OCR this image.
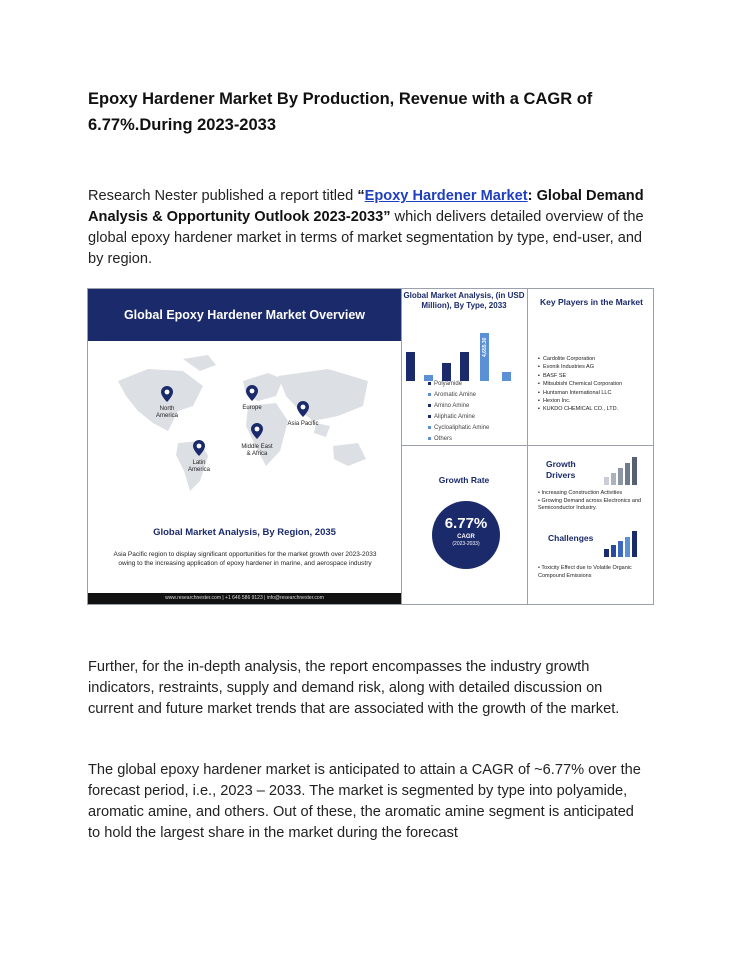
Epoxy Hardener Market By Production, Revenue with a CAGR of 6.77%.During 2023-2033
Research Nester published a report titled “Epoxy Hardener Market: Global Demand Analysis & Opportunity Outlook 2023-2033” which delivers detailed overview of the global epoxy hardener market in terms of market segmentation by type, end-user, and by region.
Global Epoxy Hardener Market Overview
North America
Europe
Asia Pacific
Middle East & Africa
Latin America
Global Market Analysis, By Region, 2035
Asia Pacific region to display significant opportunities for the market growth over 2023-2033 owing to the increasing application of epoxy hardener in marine, and aerospace industry
www.researchnester.com | +1 646 586 9123 | info@researchnester.com
Global Market Analysis, (in USD Million), By Type, 2033
4,655.30
Polyamide
Aromatic Amine
Amino Amine
Aliphatic Amine
Cycloaliphatic Amine
Others
Key Players in the Market
▪ Cardolite Corporation
▪ Evonik Industries AG
▪ BASF SE
▪ Mitsubishi Chemical Corporation
▪ Huntsman International LLC
▪ Hexion Inc.
▪ KUKDO CHEMICAL CO., LTD.
Growth Rate
6.77%
CAGR
(2023-2033)
Growth Drivers
• Increasing Construction Activities
• Growing Demand across Electronics and Semiconductor Industry.
Challenges
• Toxicity Effect due to Volatile Organic Compound Emissions
Further, for the in-depth analysis, the report encompasses the industry growth indicators, restraints, supply and demand risk, along with detailed discussion on current and future market trends that are associated with the growth of the market.
The global epoxy hardener market is anticipated to attain a CAGR of ~6.77% over the forecast period, i.e., 2023 – 2033. The market is segmented by type into polyamide, aromatic amine, and others. Out of these, the aromatic amine segment is anticipated to hold the largest share in the market during the forecast
